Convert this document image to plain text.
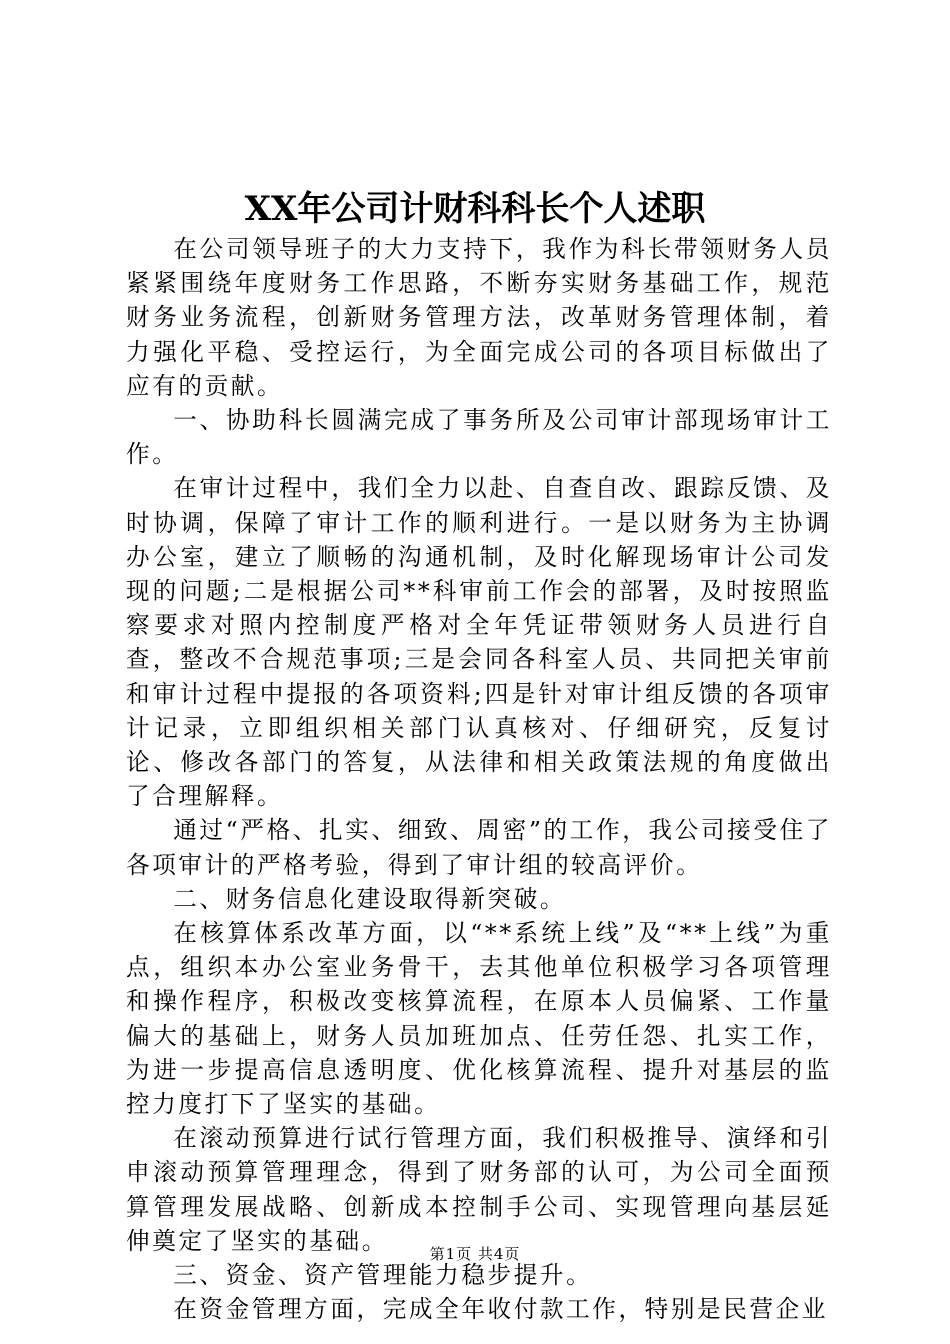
XX年公司计财科科长个人述职

在公司领导班子的大力支持下，我作为科长带领财务人员紧紧围绕年度财务工作思路，不断夯实财务基础工作，规范财务业务流程，创新财务管理方法，改革财务管理体制，着力强化平稳、受控运行，为全面完成公司的各项目标做出了应有的贡献。

一、协助科长圆满完成了事务所及公司审计部现场审计工作。

在审计过程中，我们全力以赴、自查自改、跟踪反馈、及时协调，保障了审计工作的顺利进行。一是以财务为主协调办公室，建立了顺畅的沟通机制，及时化解现场审计公司发现的问题;二是根据公司**科审前工作会的部署，及时按照监察要求对照内控制度严格对全年凭证带领财务人员进行自查，整改不合规范事项;三是会同各科室人员、共同把关审前和审计过程中提报的各项资料;四是针对审计组反馈的各项审计记录，立即组织相关部门认真核对、仔细研究，反复讨论、修改各部门的答复，从法律和相关政策法规的角度做出了合理解释。

通过“严格、扎实、细致、周密”的工作，我公司接受住了各项审计的严格考验，得到了审计组的较高评价。

二、财务信息化建设取得新突破。

在核算体系改革方面，以“**系统上线”及“**上线”为重点，组织本办公室业务骨干，去其他单位积极学习各项管理和操作程序，积极改变核算流程，在原本人员偏紧、工作量偏大的基础上，财务人员加班加点、任劳任怨、扎实工作，为进一步提高信息透明度、优化核算流程、提升对基层的监控力度打下了坚实的基础。

在滚动预算进行试行管理方面，我们积极推导、演绎和引申滚动预算管理理念，得到了财务部的认可，为公司全面预算管理发展战略、创新成本控制手公司、实现管理向基层延伸奠定了坚实的基础。

三、资金、资产管理能力稳步提升。

在资金管理方面，完成全年收付款工作，特别是民营企业

第1页 共4页
